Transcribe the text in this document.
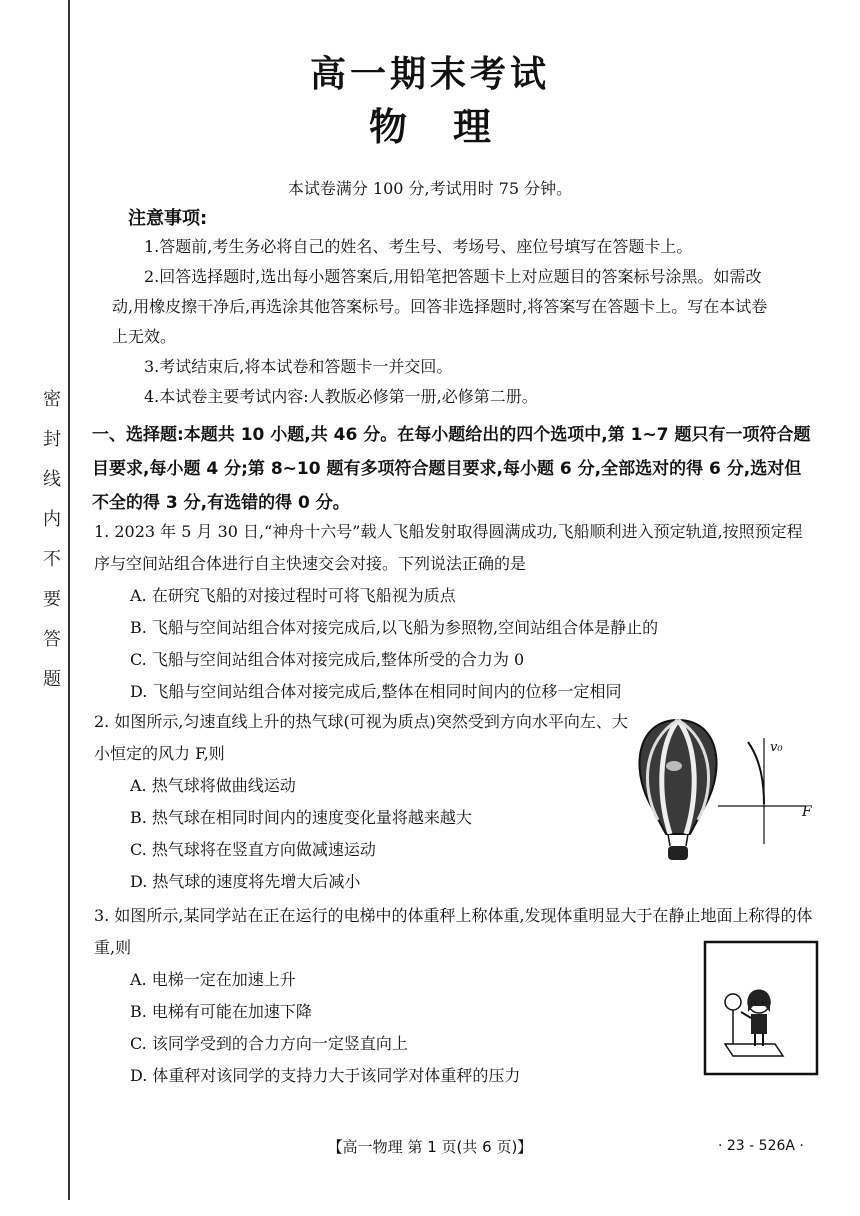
密
封
线
内
不
要
答
题
高一期末考试
物理
本试卷满分 100 分,考试用时 75 分钟。
注意事项:

1.答题前,考生务必将自己的姓名、考生号、考场号、座位号填写在答题卡上。

2.回答选择题时,选出每小题答案后,用铅笔把答题卡上对应题目的答案标号涂黑。如需改动,用橡皮擦干净后,再选涂其他答案标号。回答非选择题时,将答案写在答题卡上。写在本试卷上无效。

3.考试结束后,将本试卷和答题卡一并交回。

4.本试卷主要考试内容:人教版必修第一册,必修第二册。

一、选择题:本题共 10 小题,共 46 分。在每小题给出的四个选项中,第 1~7 题只有一项符合题目要求,每小题 4 分;第 8~10 题有多项符合题目要求,每小题 6 分,全部选对的得 6 分,选对但不全的得 3 分,有选错的得 0 分。

1. 2023 年 5 月 30 日,“神舟十六号”载人飞船发射取得圆满成功,飞船顺利进入预定轨道,按照预定程序与空间站组合体进行自主快速交会对接。下列说法正确的是

A. 在研究飞船的对接过程时可将飞船视为质点

B. 飞船与空间站组合体对接完成后,以飞船为参照物,空间站组合体是静止的

C. 飞船与空间站组合体对接完成后,整体所受的合力为 0

D. 飞船与空间站组合体对接完成后,整体在相同时间内的位移一定相同

2. 如图所示,匀速直线上升的热气球(可视为质点)突然受到方向水平向左、大小恒定的风力 F,则

A. 热气球将做曲线运动

B. 热气球在相同时间内的速度变化量将越来越大

C. 热气球将在竖直方向做减速运动

D. 热气球的速度将先增大后减小

v₀
F

3. 如图所示,某同学站在正在运行的电梯中的体重秤上称体重,发现体重明显大于在静止地面上称得的体重,则

A. 电梯一定在加速上升

B. 电梯有可能在加速下降

C. 该同学受到的合力方向一定竖直向上

D. 体重秤对该同学的支持力大于该同学对体重秤的压力

【高一物理 第 1 页(共 6 页)】	· 23 - 526A ·
